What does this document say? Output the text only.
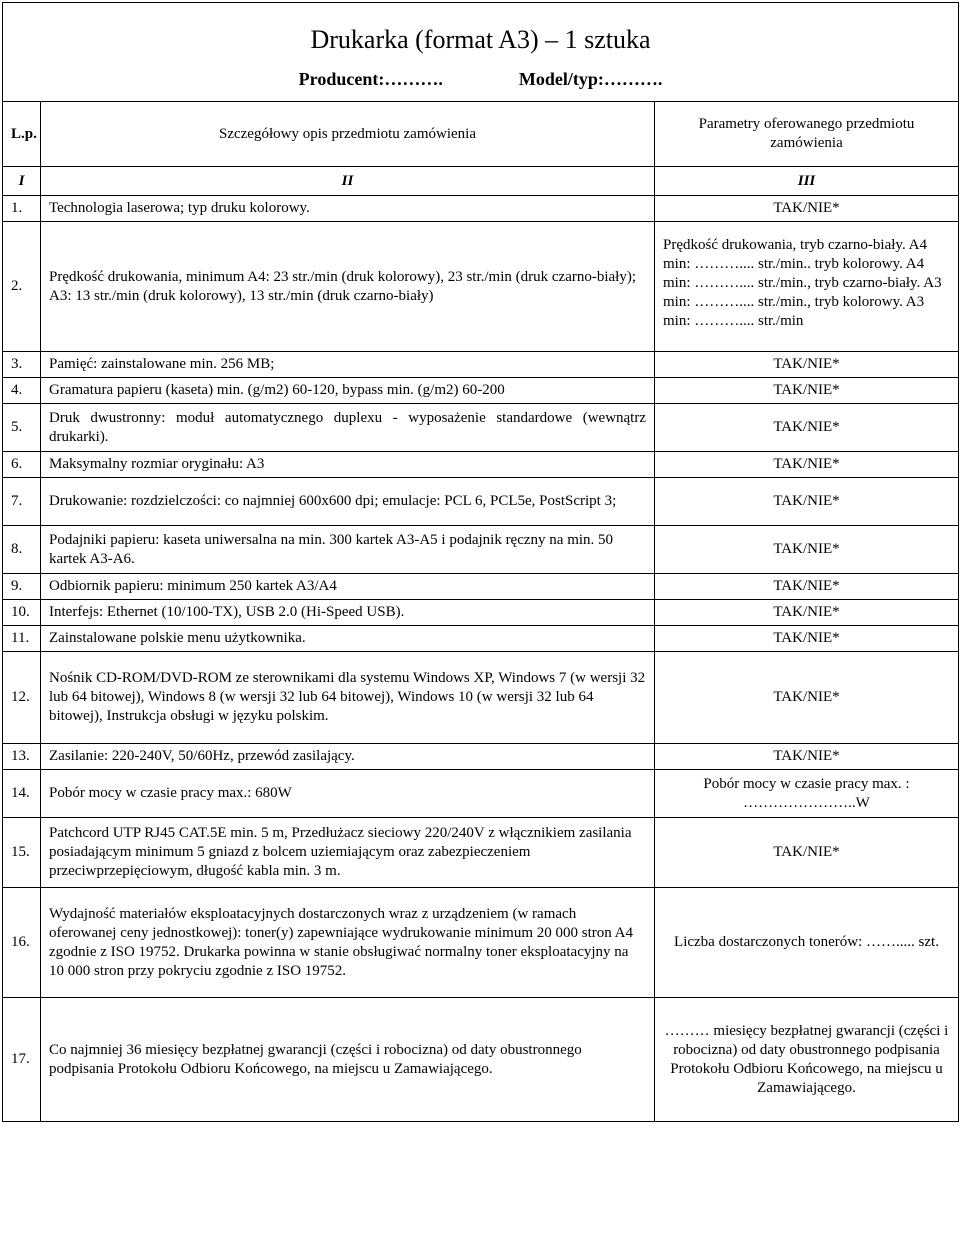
Drukarka (format A3) – 1 sztuka
Producent:………. Model/typ:……….		

L.p.	Szczegółowy opis przedmiotu zamówienia	Parametry oferowanego przedmiotu zamówienia
I	II	III
1.	Technologia laserowa; typ druku kolorowy.	TAK/NIE*
2.	Prędkość drukowania, minimum A4: 23 str./min (druk kolorowy), 23 str./min (druk czarno-biały); A3: 13 str./min (druk kolorowy), 13 str./min (druk czarno-biały)	Prędkość drukowania, tryb czarno-biały. A4 min: ……….... str./min.. tryb kolorowy. A4 min: ……….... str./min., tryb czarno-biały. A3 min: ……….... str./min., tryb kolorowy. A3 min: ……….... str./min
3.	Pamięć: zainstalowane min. 256 MB;	TAK/NIE*
4.	Gramatura papieru (kaseta) min. (g/m2) 60-120, bypass min. (g/m2) 60-200	TAK/NIE*
5.	Druk dwustronny: moduł automatycznego duplexu - wyposażenie standardowe (wewnątrz drukarki).	TAK/NIE*
6.	Maksymalny rozmiar oryginału: A3	TAK/NIE*
7.	Drukowanie: rozdzielczości: co najmniej 600x600 dpi; emulacje: PCL 6, PCL5e, PostScript 3;	TAK/NIE*
8.	Podajniki papieru: kaseta uniwersalna na min. 300 kartek A3-A5 i podajnik ręczny na min. 50 kartek A3-A6.	TAK/NIE*
9.	Odbiornik papieru: minimum 250 kartek A3/A4	TAK/NIE*
10.	Interfejs: Ethernet (10/100-TX), USB 2.0 (Hi-Speed USB).	TAK/NIE*
11.	Zainstalowane polskie menu użytkownika.	TAK/NIE*
12.	Nośnik CD-ROM/DVD-ROM ze sterownikami dla systemu Windows XP, Windows 7 (w wersji 32 lub 64 bitowej), Windows 8 (w wersji 32 lub 64 bitowej), Windows 10 (w wersji 32 lub 64 bitowej), Instrukcja obsługi w języku polskim.	TAK/NIE*
13.	Zasilanie: 220-240V, 50/60Hz, przewód zasilający.	TAK/NIE*
14.	Pobór mocy w czasie pracy max.: 680W	Pobór mocy w czasie pracy max. : …………………..W
15.	Patchcord UTP RJ45 CAT.5E min. 5 m, Przedłużacz sieciowy 220/240V z włącznikiem zasilania posiadającym minimum 5 gniazd z bolcem uziemiającym oraz zabezpieczeniem przeciwprzepięciowym, długość kabla min. 3 m.	TAK/NIE*
16.	Wydajność materiałów eksploatacyjnych dostarczonych wraz z urządzeniem (w ramach oferowanej ceny jednostkowej): toner(y) zapewniające wydrukowanie minimum 20 000 stron A4 zgodnie z ISO 19752. Drukarka powinna w stanie obsługiwać normalny toner eksploatacyjny na 10 000 stron przy pokryciu zgodnie z ISO 19752.	Liczba dostarczonych tonerów: ……..... szt.
17.	Co najmniej 36 miesięcy bezpłatnej gwarancji (części i robocizna) od daty obustronnego podpisania Protokołu Odbioru Końcowego, na miejscu u Zamawiającego.	……… miesięcy bezpłatnej gwarancji (części i robocizna) od daty obustronnego podpisania Protokołu Odbioru Końcowego, na miejscu u Zamawiającego.
